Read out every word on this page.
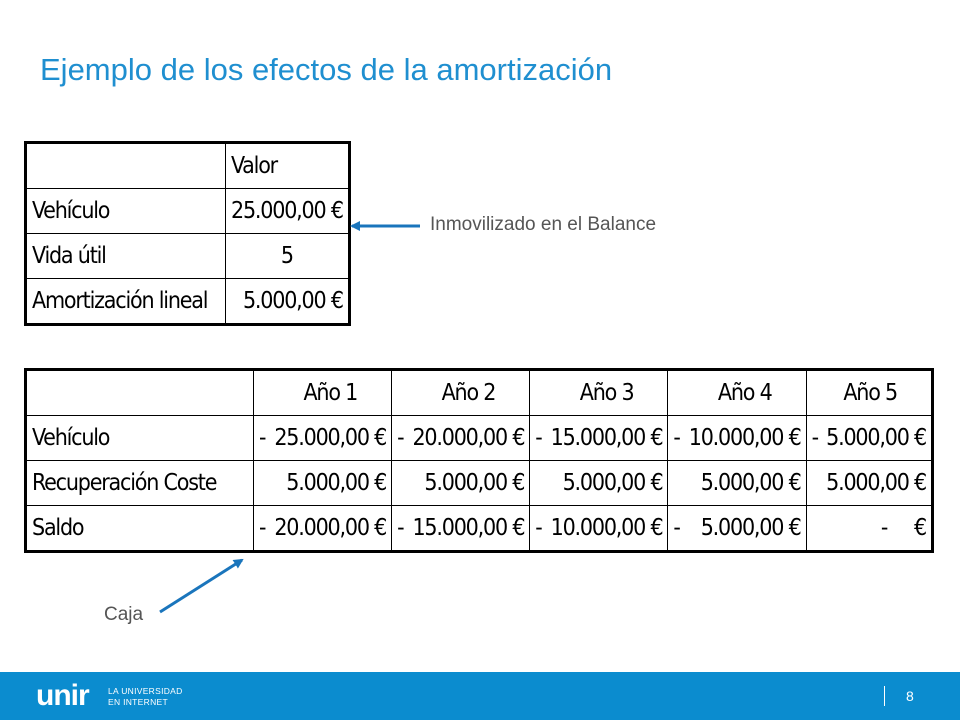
Ejemplo de los efectos de la amortización
	Valor
Vehículo	25.000,00 €
Vida útil	5
Amortización lineal	5.000,00 €
	Año 1	Año 2	Año 3	Año 4	Año 5
Vehículo	- 25.000,00 €	- 20.000,00 €	- 15.000,00 €	- 10.000,00 €	- 5.000,00 €
Recuperación Coste	5.000,00 €	5.000,00 €	5.000,00 €	5.000,00 €	5.000,00 €
Saldo	- 20.000,00 €	- 15.000,00 €	- 10.000,00 €	- 5.000,00 €	-     €
Inmovilizado en el Balance
Caja
unir LA UNIVERSIDAD
EN INTERNET	8
